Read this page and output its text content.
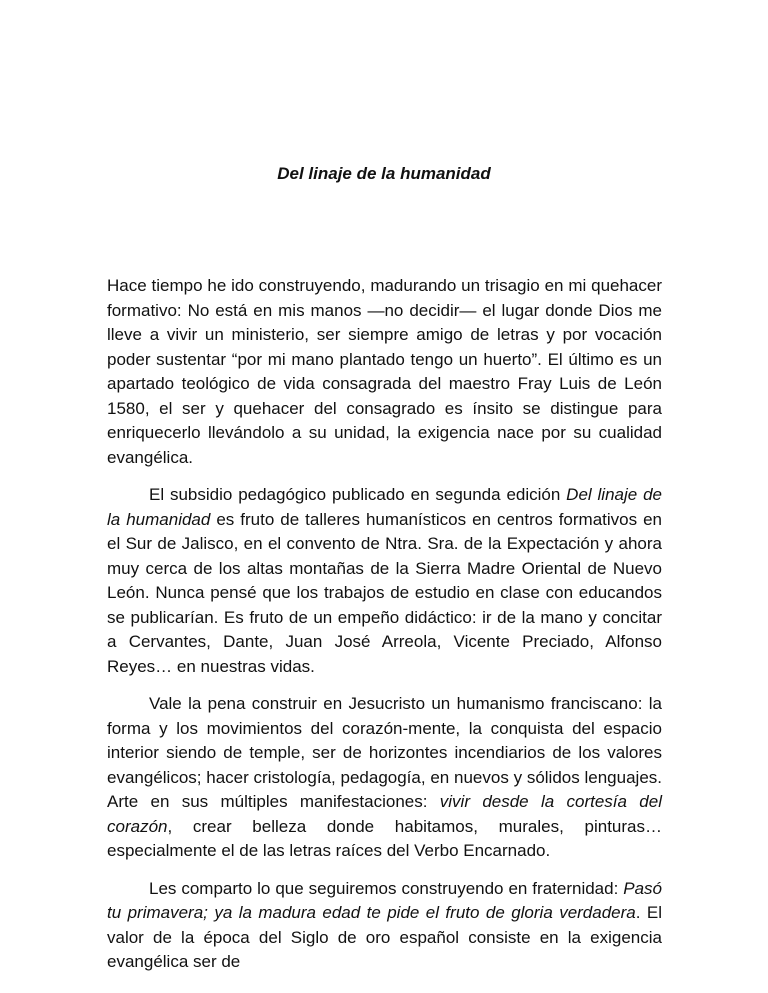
Del linaje de la humanidad

Hace tiempo he ido construyendo, madurando un trisagio en mi quehacer formativo: No está en mis manos —no decidir— el lugar donde Dios me lleve a vivir un ministerio, ser siempre amigo de letras y por vocación poder sustentar “por mi mano plantado tengo un huerto”. El último es un apartado teológico de vida consagrada del maestro Fray Luis de León 1580, el ser y quehacer del consagrado es ínsito se distingue para enriquecerlo llevándolo a su unidad, la exigencia nace por su cualidad evangélica.

El subsidio pedagógico publicado en segunda edición Del linaje de la humanidad es fruto de talleres humanísticos en centros formativos en el Sur de Jalisco, en el convento de Ntra. Sra. de la Expectación y ahora muy cerca de los altas montañas de la Sierra Madre Oriental de Nuevo León. Nunca pensé que los trabajos de estudio en clase con educandos se publicarían. Es fruto de un empeño didáctico: ir de la mano y concitar a Cervantes, Dante, Juan José Arreola, Vicente Preciado, Alfonso Reyes… en nuestras vidas.

Vale la pena construir en Jesucristo un humanismo franciscano: la forma y los movimientos del corazón-mente, la conquista del espacio interior siendo de temple, ser de horizontes incendiarios de los valores evangélicos; hacer cristología, pedagogía, en nuevos y sólidos lenguajes. Arte en sus múltiples manifestaciones: vivir desde la cortesía del corazón, crear belleza donde habitamos, murales, pinturas… especialmente el de las letras raíces del Verbo Encarnado.

Les comparto lo que seguiremos construyendo en fraternidad: Pasó tu primavera; ya la madura edad te pide el fruto de gloria verdadera. El valor de la época del Siglo de oro español consiste en la exigencia evangélica ser de
